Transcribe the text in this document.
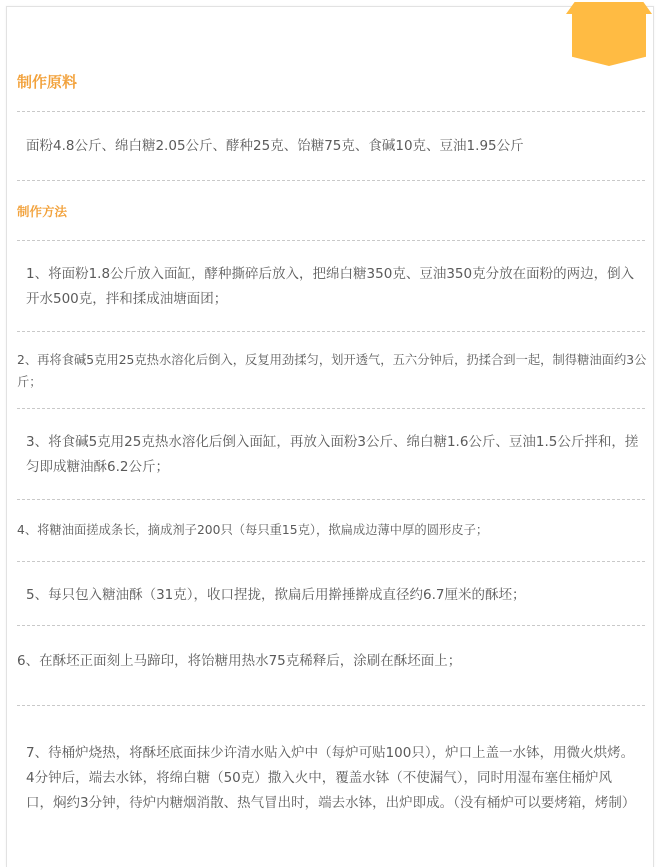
制作原料
面粉4.8公斤、绵白糖2.05公斤、酵种25克、饴糖75克、食碱10克、豆油1.95公斤
制作方法
1、将面粉1.8公斤放入面缸，酵种撕碎后放入，把绵白糖350克、豆油350克分放在面粉的两边，倒入开水500克，拌和揉成油塘面团；
2、再将食碱5克用25克热水溶化后倒入，反复用劲揉匀，划开透气，五六分钟后，扔揉合到一起，制得糖油面约3公斤；
3、将食碱5克用25克热水溶化后倒入面缸，再放入面粉3公斤、绵白糖1.6公斤、豆油1.5公斤拌和，搓匀即成糖油酥6.2公斤；
4、将糖油面搓成条长，摘成剂子200只（每只重15克），揿扁成边薄中厚的圆形皮子；
5、每只包入糖油酥（31克），收口捏拢，揿扁后用擀捶擀成直径约6.7厘米的酥坯；
6、在酥坯正面刻上马蹄印，将饴糖用热水75克稀释后，涂刷在酥坯面上；
7、待桶炉烧热，将酥坯底面抹少许清水贴入炉中（每炉可贴100只），炉口上盖一水钵，用微火烘烤。4分钟后，端去水钵，将绵白糖（50克）撒入火中，覆盖水钵（不使漏气），同时用湿布塞住桶炉风口，焖约3分钟，待炉内糖烟消散、热气冒出时，端去水钵，出炉即成。（没有桶炉可以要烤箱，烤制）
